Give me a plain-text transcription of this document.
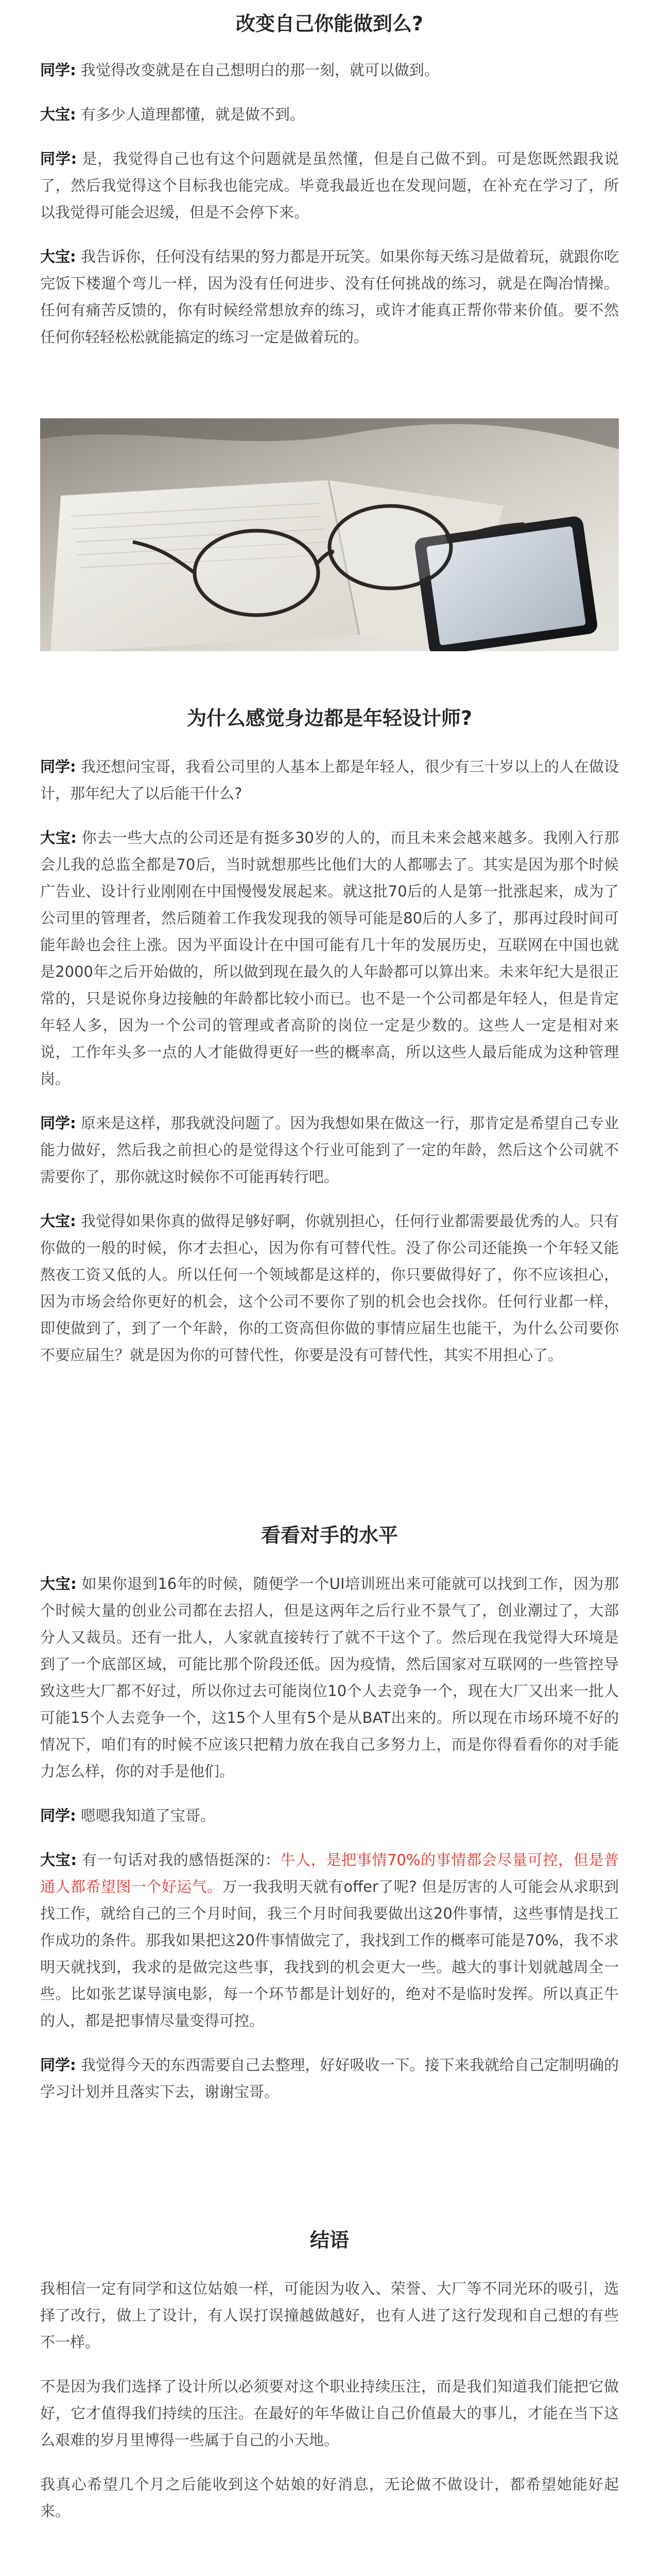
改变自己你能做到么?

同学: 我觉得改变就是在自己想明白的那一刻，就可以做到。

大宝: 有多少人道理都懂，就是做不到。

同学: 是，我觉得自己也有这个问题就是虽然懂，但是自己做不到。可是您既然跟我说了，然后我觉得这个目标我也能完成。毕竟我最近也在发现问题，在补充在学习了，所以我觉得可能会迟缓，但是不会停下来。

大宝: 我告诉你，任何没有结果的努力都是开玩笑。如果你每天练习是做着玩，就跟你吃完饭下楼遛个弯儿一样，因为没有任何进步、没有任何挑战的练习，就是在陶冶情操。任何有痛苦反馈的，你有时候经常想放弃的练习，或许才能真正帮你带来价值。要不然任何你轻轻松松就能搞定的练习一定是做着玩的。

为什么感觉身边都是年轻设计师?

同学: 我还想问宝哥，我看公司里的人基本上都是年轻人，很少有三十岁以上的人在做设计，那年纪大了以后能干什么?

大宝: 你去一些大点的公司还是有挺多30岁的人的，而且未来会越来越多。我刚入行那会儿我的总监全都是70后，当时就想那些比他们大的人都哪去了。其实是因为那个时候广告业、设计行业刚刚在中国慢慢发展起来。就这批70后的人是第一批涨起来，成为了公司里的管理者，然后随着工作我发现我的领导可能是80后的人多了，那再过段时间可能年龄也会往上涨。因为平面设计在中国可能有几十年的发展历史，互联网在中国也就是2000年之后开始做的，所以做到现在最久的人年龄都可以算出来。未来年纪大是很正常的，只是说你身边接触的年龄都比较小而已。也不是一个公司都是年轻人，但是肯定年轻人多，因为一个公司的管理或者高阶的岗位一定是少数的。这些人一定是相对来说，工作年头多一点的人才能做得更好一些的概率高，所以这些人最后能成为这种管理岗。

同学: 原来是这样，那我就没问题了。因为我想如果在做这一行，那肯定是希望自己专业能力做好，然后我之前担心的是觉得这个行业可能到了一定的年龄，然后这个公司就不需要你了，那你就这时候你不可能再转行吧。

大宝: 我觉得如果你真的做得足够好啊，你就别担心，任何行业都需要最优秀的人。只有你做的一般的时候，你才去担心，因为你有可替代性。没了你公司还能换一个年轻又能熬夜工资又低的人。所以任何一个领域都是这样的，你只要做得好了，你不应该担心，因为市场会给你更好的机会，这个公司不要你了别的机会也会找你。任何行业都一样，即使做到了，到了一个年龄，你的工资高但你做的事情应届生也能干，为什么公司要你不要应届生？就是因为你的可替代性，你要是没有可替代性，其实不用担心了。

看看对手的水平

大宝: 如果你退到16年的时候，随便学一个UI培训班出来可能就可以找到工作，因为那个时候大量的创业公司都在去招人，但是这两年之后行业不景气了，创业潮过了，大部分人又裁员。还有一批人，人家就直接转行了就不干这个了。然后现在我觉得大环境是到了一个底部区域，可能比那个阶段还低。因为疫情，然后国家对互联网的一些管控导致这些大厂都不好过，所以你过去可能岗位10个人去竞争一个，现在大厂又出来一批人可能15个人去竞争一个，这15个人里有5个是从BAT出来的。所以现在市场环境不好的情况下，咱们有的时候不应该只把精力放在我自己多努力上，而是你得看看你的对手能力怎么样，你的对手是他们。

同学: 嗯嗯我知道了宝哥。

大宝: 有一句话对我的感悟挺深的：牛人，是把事情70%的事情都会尽量可控，但是普通人都希望图一个好运气。万一我我明天就有offer了呢? 但是厉害的人可能会从求职到找工作，就给自己的三个月时间，我三个月时间我要做出这20件事情，这些事情是找工作成功的条件。那我如果把这20件事情做完了，我找到工作的概率可能是70%，我不求明天就找到，我求的是做完这些事，我找到的机会更大一些。越大的事计划就越周全一些。比如张艺谋导演电影，每一个环节都是计划好的，绝对不是临时发挥。所以真正牛的人，都是把事情尽量变得可控。

同学: 我觉得今天的东西需要自己去整理，好好吸收一下。接下来我就给自己定制明确的学习计划并且落实下去，谢谢宝哥。

结语

我相信一定有同学和这位姑娘一样，可能因为收入、荣誉、大厂等不同光环的吸引，选择了改行，做上了设计，有人误打误撞越做越好，也有人进了这行发现和自己想的有些不一样。

不是因为我们选择了设计所以必须要对这个职业持续压注，而是我们知道我们能把它做好，它才值得我们持续的压注。在最好的年华做让自己价值最大的事儿，才能在当下这么艰难的岁月里博得一些属于自己的小天地。

我真心希望几个月之后能收到这个姑娘的好消息，无论做不做设计，都希望她能好起来。
